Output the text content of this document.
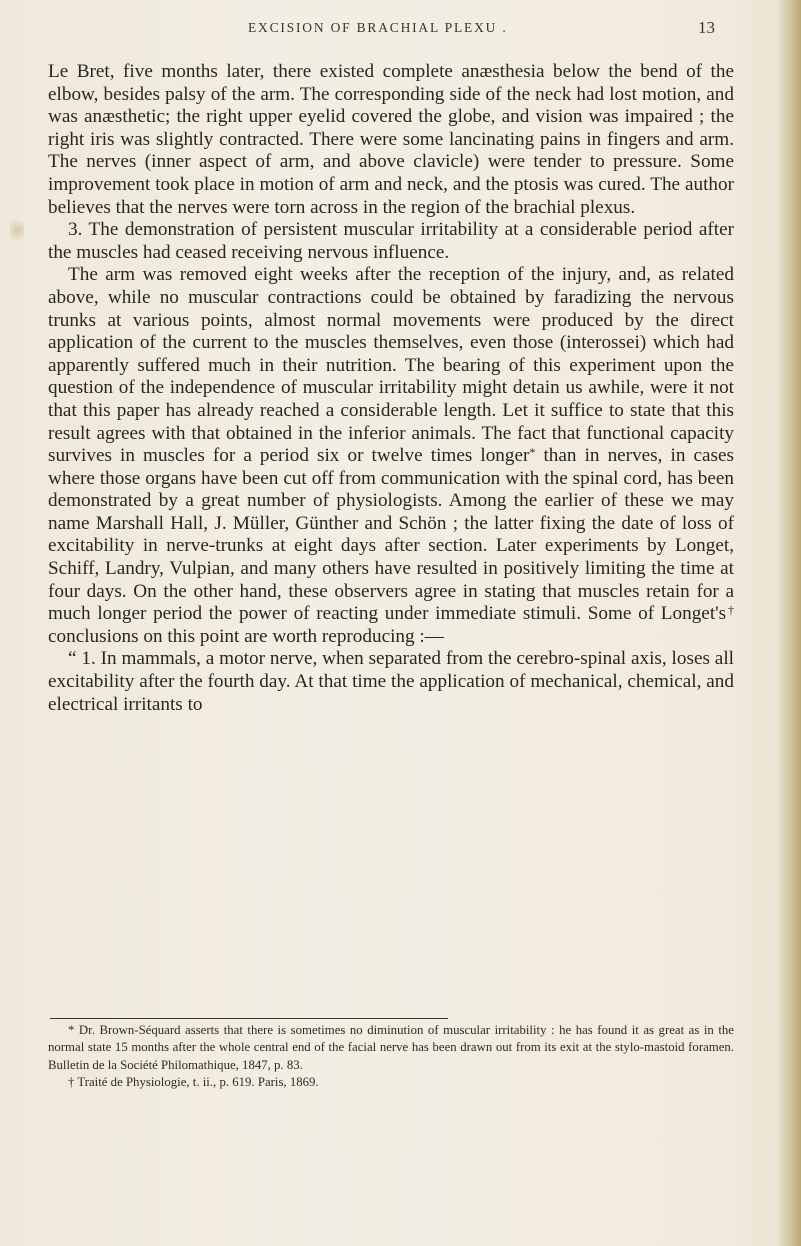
EXCISION OF BRACHIAL PLEXU .	13

Le Bret, five months later, there existed complete anæsthesia below the bend of the elbow, besides palsy of the arm. The corresponding side of the neck had lost motion, and was anæsthetic; the right upper eyelid covered the globe, and vision was impaired ; the right iris was slightly contracted. There were some lancinating pains in fingers and arm. The nerves (inner aspect of arm, and above clavicle) were tender to pressure. Some improvement took place in motion of arm and neck, and the ptosis was cured. The author believes that the nerves were torn across in the region of the brachial plexus.

3. The demonstration of persistent muscular irritability at a considerable period after the muscles had ceased receiving nervous influence.

The arm was removed eight weeks after the reception of the injury, and, as related above, while no muscular contractions could be obtained by faradizing the nervous trunks at various points, almost normal movements were produced by the direct application of the current to the muscles themselves, even those (interossei) which had apparently suffered much in their nutrition. The bearing of this experiment upon the question of the independence of muscular irritability might detain us awhile, were it not that this paper has already reached a considerable length. Let it suffice to state that this result agrees with that obtained in the inferior animals. The fact that functional capacity survives in muscles for a period six or twelve times longer* than in nerves, in cases where those organs have been cut off from communication with the spinal cord, has been demonstrated by a great number of physiologists. Among the earlier of these we may name Marshall Hall, J. Müller, Günther and Schön ; the latter fixing the date of loss of excitability in nerve-trunks at eight days after section. Later experiments by Longet, Schiff, Landry, Vulpian, and many others have resulted in positively limiting the time at four days. On the other hand, these observers agree in stating that muscles retain for a much longer period the power of reacting under immediate stimuli. Some of Longet's† conclusions on this point are worth reproducing :—

“ 1. In mammals, a motor nerve, when separated from the cerebro-spinal axis, loses all excitability after the fourth day. At that time the application of mechanical, chemical, and electrical irritants to

* Dr. Brown-Séquard asserts that there is sometimes no diminution of muscular irritability : he has found it as great as in the normal state 15 months after the whole central end of the facial nerve has been drawn out from its exit at the stylo-mastoid foramen. Bulletin de la Société Philomathique, 1847, p. 83.

† Traité de Physiologie, t. ii., p. 619. Paris, 1869.
